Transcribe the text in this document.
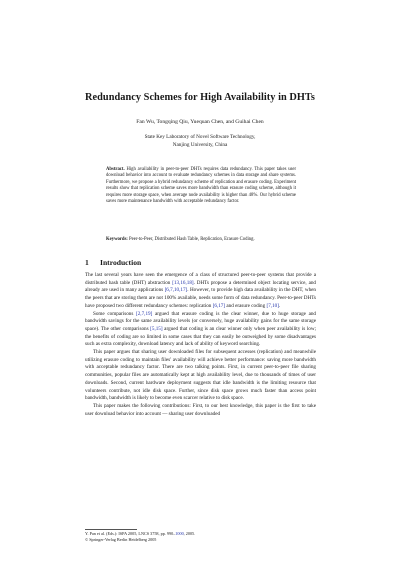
Redundancy Schemes for High Availability in DHTs
Fan Wu, Tongqing Qiu, Yuequan Chen, and Guihai Chen
State Key Laboratory of Novel Software Technology,
Nanjing University, China
Abstract. High availability in peer-to-peer DHTs requires data redundancy. This paper takes user download behavior into account to evaluate redundancy schemes in data storage and share systems. Furthermore, we propose a hybrid redundancy scheme of replication and erasure coding. Experiment results show that replication scheme saves more bandwidth than erasure coding scheme, although it requires more storage space, when average node availability is higher than 48%. Our hybrid scheme saves more maintenance bandwidth with acceptable redundancy factor.
Keywords: Peer-to-Peer, Distributed Hash Table, Replication, Erasure Coding.
1 Introduction

The last several years have seen the emergence of a class of structured peer-to-peer systems that provide a distributed hash table (DHT) abstraction [13,16,18]. DHTs propose a determined object locating service, and already are used in many applications [6,7,10,17]. However, to provide high data availability in the DHT, when the peers that are storing them are not 100% available, needs some form of data redundancy. Peer-to-peer DHTs have proposed two different redundancy schemes: replication [6,17] and erasure coding [7,10].

Some comparisons [2,7,19] argued that erasure coding is the clear winner, due to huge storage and bandwidth savings for the same availability levels (or conversely, huge availability gains for the same storage space). The other comparisons [5,15] argued that coding is an clear winner only when peer availability is low; the benefits of coding are so limited in some cases that they can easily be outweighed by some disadvantages such as extra complexity, download latency and lack of ability of keyword searching.

This paper argues that sharing user downloaded files for subsequent accesses (replication) and meanwhile utilizing erasure coding to maintain files' availability will achieve better performance: saving more bandwidth with acceptable redundancy factor. There are two talking points. First, in current peer-to-peer file sharing communities, popular files are automatically kept at high availability level, due to thousands of times of user downloads. Second, current hardware deployment suggests that idle bandwidth is the limiting resource that volunteers contribute, not idle disk space. Further, since disk space grows much faster than access point bandwidth, bandwidth is likely to become even scarcer relative to disk space.

This paper makes the following contributions: First, to our best knowledge, this paper is the first to take user download behavior into account — sharing user downloaded

Y. Pan et al. (Eds.): ISPA 2005, LNCS 3758, pp. 990–1000, 2005.
© Springer-Verlag Berlin Heidelberg 2005
